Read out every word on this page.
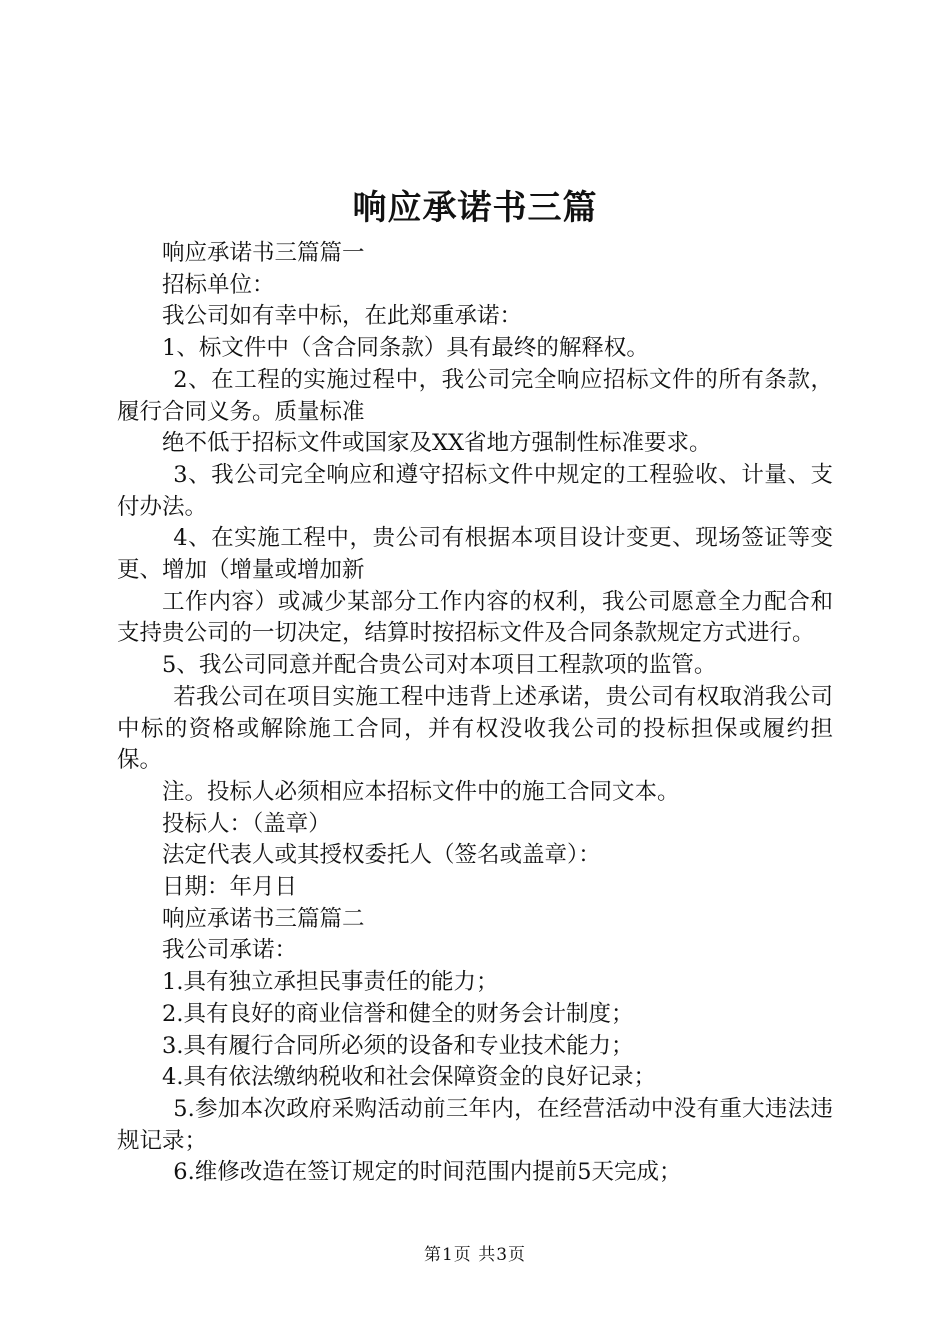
响应承诺书三篇

响应承诺书三篇篇一

招标单位：

我公司如有幸中标，在此郑重承诺：

1、标文件中（含合同条款）具有最终的解释权。

2、在工程的实施过程中，我公司完全响应招标文件的所有条款，履行合同义务。质量标准

绝不低于招标文件或国家及XX省地方强制性标准要求。

3、我公司完全响应和遵守招标文件中规定的工程验收、计量、支付办法。

4、在实施工程中，贵公司有根据本项目设计变更、现场签证等变更、增加（增量或增加新

工作内容）或减少某部分工作内容的权利，我公司愿意全力配合和支持贵公司的一切决定，结算时按招标文件及合同条款规定方式进行。

5、我公司同意并配合贵公司对本项目工程款项的监管。

若我公司在项目实施工程中违背上述承诺，贵公司有权取消我公司中标的资格或解除施工合同，并有权没收我公司的投标担保或履约担保。

注。投标人必须相应本招标文件中的施工合同文本。

投标人：（盖章）

法定代表人或其授权委托人（签名或盖章）：

日期：年月日

响应承诺书三篇篇二

我公司承诺：

1.具有独立承担民事责任的能力；

2.具有良好的商业信誉和健全的财务会计制度；

3.具有履行合同所必须的设备和专业技术能力；

4.具有依法缴纳税收和社会保障资金的良好记录；

5.参加本次政府采购活动前三年内，在经营活动中没有重大违法违规记录；

6.维修改造在签订规定的时间范围内提前5天完成；

第1页 共3页
